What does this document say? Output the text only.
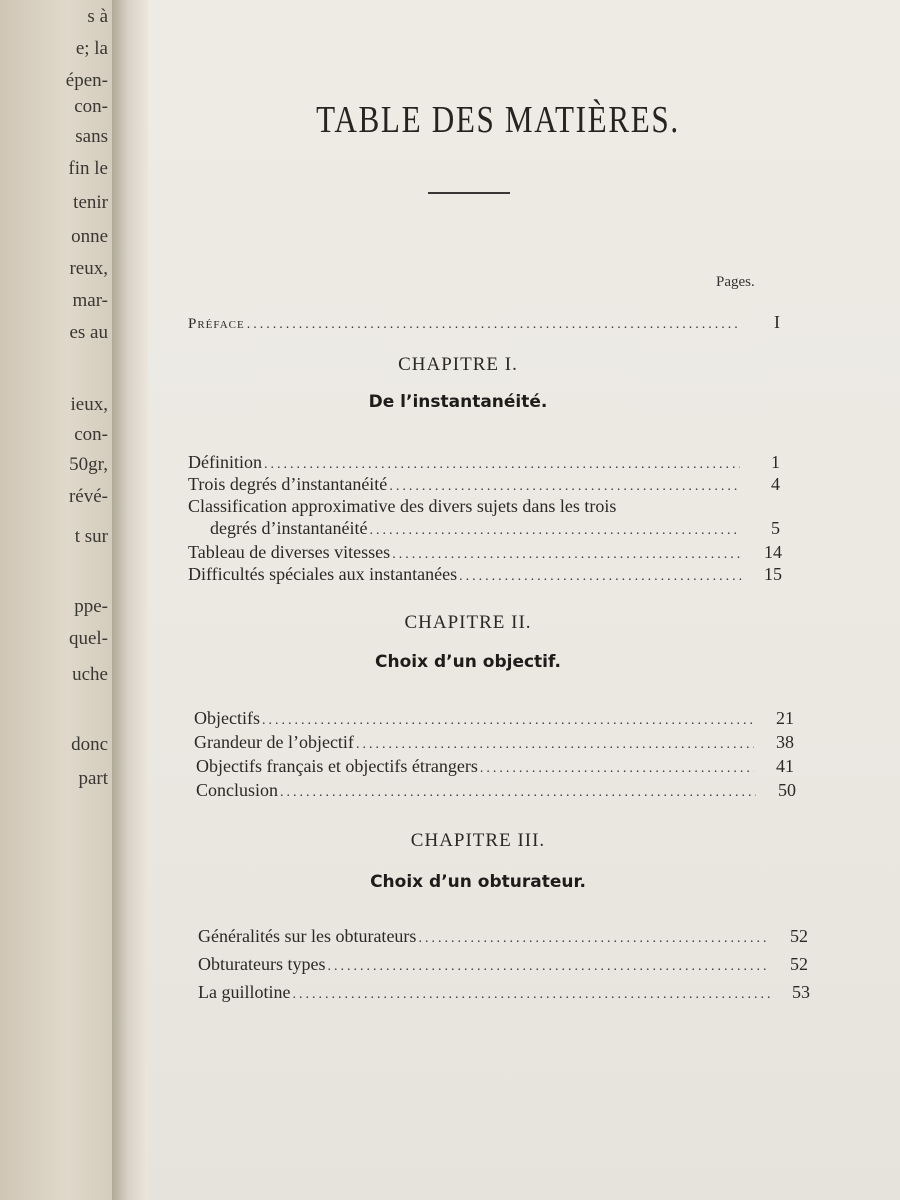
s à
e; la
épen-
con-
sans
fin le
tenir
onne
reux,
mar-
es au
ieux,
con-
50gr,
révé-
t sur
ppe-
quel-
uche
donc
part
TABLE DES MATIÈRES.
Pages.
Préface .....	I
CHAPITRE I.
De l’instantanéité.
Définition .....	1
Trois degrés d’instantanéité .....	4
Classification approximative des divers sujets dans les trois
degrés d’instantanéité .....	5
Tableau de diverses vitesses .....	14
Difficultés spéciales aux instantanées .....	15
CHAPITRE II.
Choix d’un objectif.
Objectifs .....	21
Grandeur de l’objectif .....	38
Objectifs français et objectifs étrangers .....	41
Conclusion .....	50
CHAPITRE III.
Choix d’un obturateur.
Généralités sur les obturateurs .....	52
Obturateurs types .....	52
La guillotine .....	53
